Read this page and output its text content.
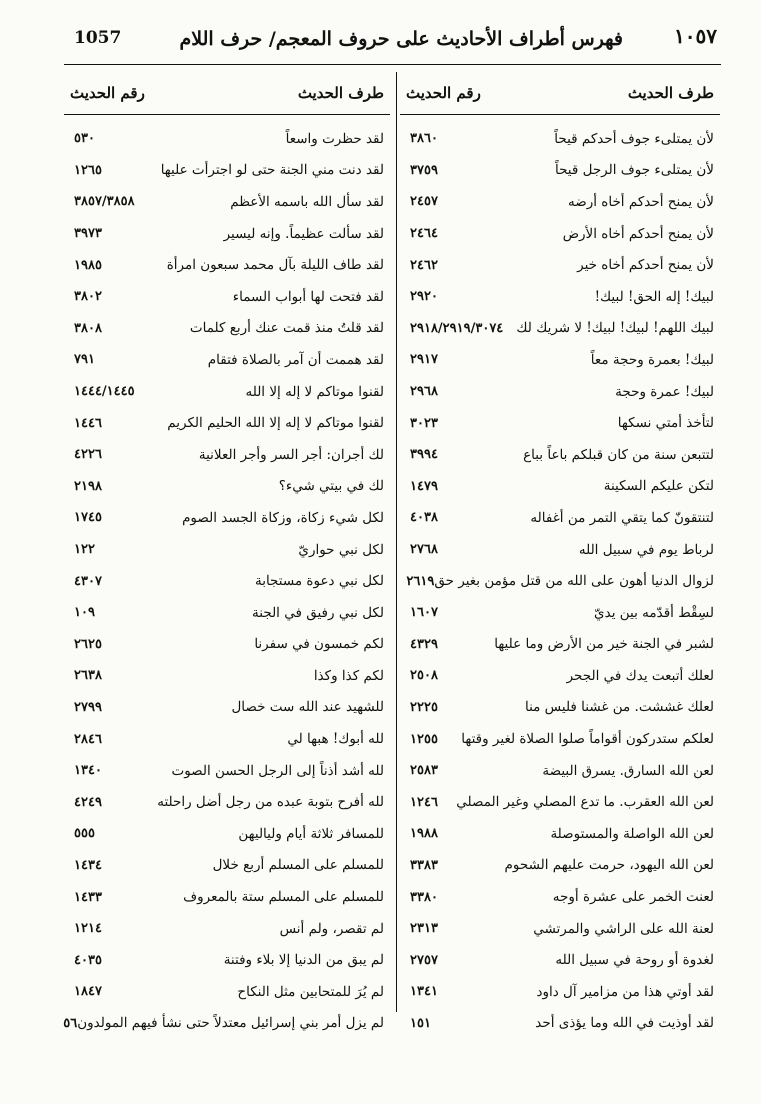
1057	فهرس أطراف الأحاديث على حروف المعجم/ حرف اللام	١٠٥٧
طرف الحديث
رقم الحديث
لأن يمتلىء جوف أحدكم قيحاً
٣٨٦٠
لأن يمتلىء جوف الرجل قيحاً
٣٧٥٩
لأن يمنح أحدكم أخاه أرضه
٢٤٥٧
لأن يمنح أحدكم أخاه الأرض
٢٤٦٤
لأن يمنح أحدكم أخاه خير
٢٤٦٢
لبيك! إله الحق! لبيك!
٢٩٢٠
لبيك اللهم! لبيك! لبيك! لا شريك لك
٢٩١٨/٢٩١٩/٣٠٧٤
لبيك! بعمرة وحجة معاً
٢٩١٧
لبيك! عمرة وحجة
٢٩٦٨
لتأخذ أمتي نسكها
٣٠٢٣
لتتبعن سنة من كان قبلكم باعاً بباع
٣٩٩٤
لتكن عليكم السكينة
١٤٧٩
لتنتقونّ كما يتقي التمر من أغفاله
٤٠٣٨
لرباط يوم في سبيل الله
٢٧٦٨
لزوال الدنيا أهون على الله من قتل مؤمن بغير حق
٢٦١٩
لسِقْط أقدّمه بين يديّ
١٦٠٧
لشبر في الجنة خير من الأرض وما عليها
٤٣٢٩
لعلك أتبعت يدك في الجحر
٢٥٠٨
لعلك غششت. من غشنا فليس منا
٢٢٢٥
لعلكم ستدركون أقواماً صلوا الصلاة لغير وقتها
١٢٥٥
لعن الله السارق. يسرق البيضة
٢٥٨٣
لعن الله العقرب. ما تدع المصلي وغير المصلي
١٢٤٦
لعن الله الواصلة والمستوصلة
١٩٨٨
لعن الله اليهود، حرمت عليهم الشحوم
٣٣٨٣
لعنت الخمر على عشرة أوجه
٣٣٨٠
لعنة الله على الراشي والمرتشي
٢٣١٣
لغدوة أو روحة في سبيل الله
٢٧٥٧
لقد أوتي هذا من مزامير آل داود
١٣٤١
لقد أوذيت في الله وما يؤذى أحد
١٥١
طرف الحديث
رقم الحديث
لقد حظرت واسعاً
٥٣٠
لقد دنت مني الجنة حتى لو اجترأت عليها
١٢٦٥
لقد سأل الله باسمه الأعظم
٣٨٥٧/٣٨٥٨
لقد سألت عظيماً. وإنه ليسير
٣٩٧٣
لقد طاف الليلة بآل محمد سبعون امرأة
١٩٨٥
لقد فتحت لها أبواب السماء
٣٨٠٢
لقد قلتُ منذ قمت عنك أربع كلمات
٣٨٠٨
لقد هممت أن آمر بالصلاة فتقام
٧٩١
لقنوا موتاكم لا إله إلا الله
١٤٤٤/١٤٤٥
لقنوا موتاكم لا إله إلا الله الحليم الكريم
١٤٤٦
لك أجران: أجر السر وأجر العلانية
٤٢٢٦
لك في بيتي شيء؟
٢١٩٨
لكل شيء زكاة، وزكاة الجسد الصوم
١٧٤٥
لكل نبي حواريّ
١٢٢
لكل نبي دعوة مستجابة
٤٣٠٧
لكل نبي رفيق في الجنة
١٠٩
لكم خمسون في سفرنا
٢٦٢٥
لكم كذا وكذا
٢٦٣٨
للشهيد عند الله ست خصال
٢٧٩٩
لله أبوك! هبها لي
٢٨٤٦
لله أشد أذناً إلى الرجل الحسن الصوت
١٣٤٠
لله أفرح بتوبة عبده من رجل أضل راحلته
٤٢٤٩
للمسافر ثلاثة أيام ولياليهن
٥٥٥
للمسلم على المسلم أربع خلال
١٤٣٤
للمسلم على المسلم ستة بالمعروف
١٤٣٣
لم تقصر، ولم أنس
١٢١٤
لم يبق من الدنيا إلا بلاء وفتنة
٤٠٣٥
لم يُرَ للمتحابين مثل النكاح
١٨٤٧
لم يزل أمر بني إسرائيل معتدلاً حتى نشأ فيهم المولدون
٥٦
